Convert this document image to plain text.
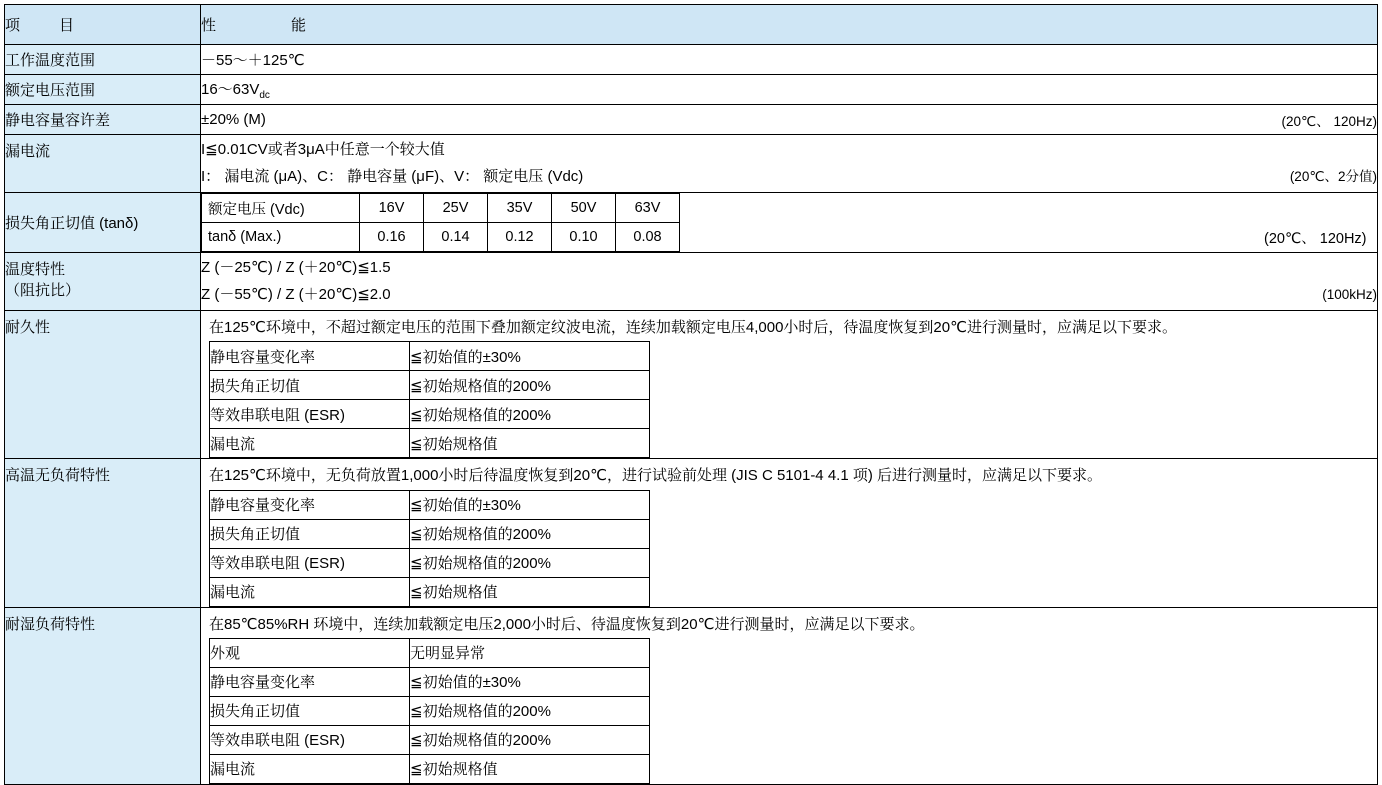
项　　目	性　　　　能
工作温度范围	－55～＋125℃
额定电压范围	$16\sim 63V_{dc}$
静电容量容许差	±20% (M)	(20℃、 120Hz)

漏电流	I≦0.01CV或者3μA中任意一个较大值
I： 漏电流 (μA)、C： 静电容量 (μF)、V： 额定电压 (Vdc)	(20℃、2分值)

损失角正切值 (tanδ)	
额定电压 (Vdc)	16V	25V	35V	50V	63V	
tanδ (Max.)	0.16	0.14	0.12	0.10	0.08	(20℃、 120Hz)

温度特性
（阻抗比）

Z (－25℃) / Z (＋20℃)≦1.5
Z (－55℃) / Z (＋20℃)≦2.0	(100kHz)

耐久性	在125℃环境中，不超过额定电压的范围下叠加额定纹波电流，连续加载额定电压4,000小时后，待温度恢复到20℃进行测量时，应满足以下要求。
静电容量变化率	≦初始值的±30%
损失角正切值	≦初始规格值的200%
等效串联电阻 (ESR)	≦初始规格值的200%
漏电流	≦初始规格值

高温无负荷特性	在125℃环境中，无负荷放置1,000小时后待温度恢复到20℃，进行试验前处理 (JIS C 5101-4 4.1 项) 后进行测量时，应满足以下要求。
静电容量变化率	≦初始值的±30%
损失角正切值	≦初始规格值的200%
等效串联电阻 (ESR)	≦初始规格值的200%
漏电流	≦初始规格值

耐湿负荷特性	在85℃85%RH 环境中，连续加载额定电压2,000小时后、待温度恢复到20℃进行测量时，应满足以下要求。
外观	无明显异常
静电容量变化率	≦初始值的±30%
损失角正切值	≦初始规格值的200%
等效串联电阻 (ESR)	≦初始规格值的200%
漏电流	≦初始规格值
